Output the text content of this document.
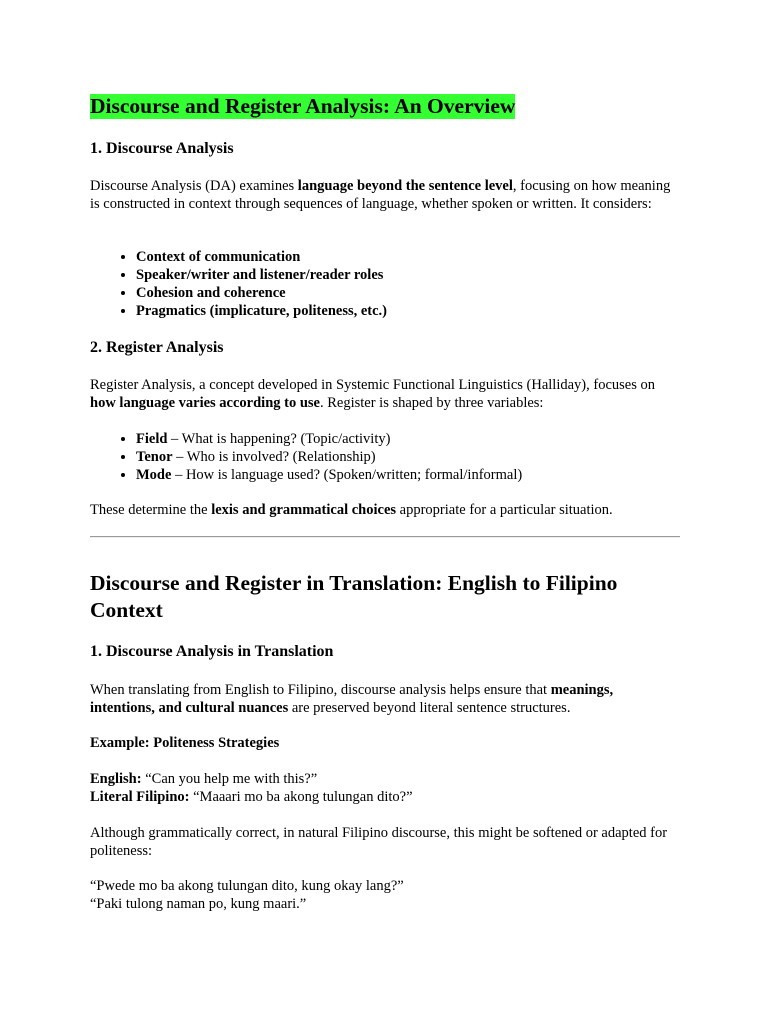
Discourse and Register Analysis: An Overview
1. Discourse Analysis

Discourse Analysis (DA) examines language beyond the sentence level, focusing on how meaning is constructed in context through sequences of language, whether spoken or written. It considers:

• Context of communication
• Speaker/writer and listener/reader roles
• Cohesion and coherence
• Pragmatics (implicature, politeness, etc.)
2. Register Analysis

Register Analysis, a concept developed in Systemic Functional Linguistics (Halliday), focuses on how language varies according to use. Register is shaped by three variables:

• Field – What is happening? (Topic/activity)
• Tenor – Who is involved? (Relationship)
• Mode – How is language used? (Spoken/written; formal/informal)

These determine the lexis and grammatical choices appropriate for a particular situation.

Discourse and Register in Translation: English to Filipino Context
1. Discourse Analysis in Translation

When translating from English to Filipino, discourse analysis helps ensure that meanings, intentions, and cultural nuances are preserved beyond literal sentence structures.

Example: Politeness Strategies

English: “Can you help me with this?”
Literal Filipino: “Maaari mo ba akong tulungan dito?”

Although grammatically correct, in natural Filipino discourse, this might be softened or adapted for politeness:

“Pwede mo ba akong tulungan dito, kung okay lang?”
“Paki tulong naman po, kung maari.”
